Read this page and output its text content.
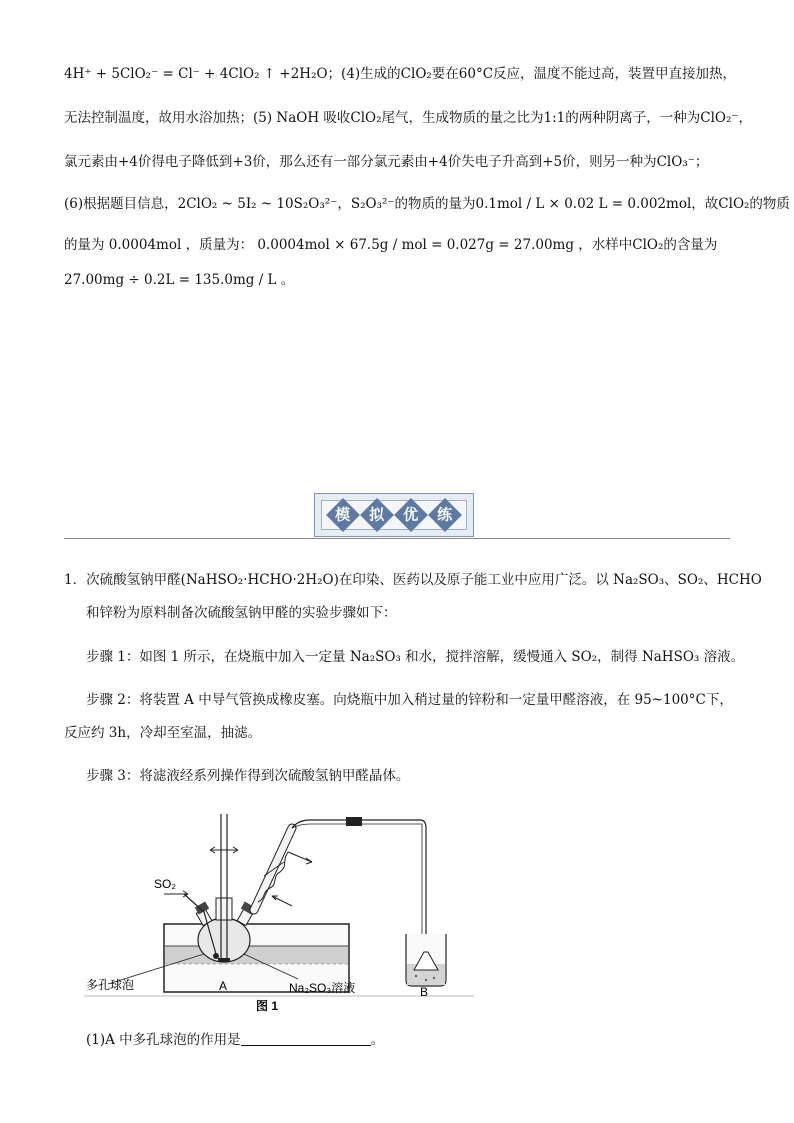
4H⁺ + 5ClO₂⁻ = Cl⁻ + 4ClO₂ ↑ +2H₂O；(4)生成的ClO₂要在60°C反应，温度不能过高，装置甲直接加热，
无法控制温度，故用水浴加热；(5) NaOH 吸收ClO₂尾气，生成物质的量之比为1:1的两种阴离子，一种为ClO₂⁻，
氯元素由+4价得电子降低到+3价，那么还有一部分氯元素由+4价失电子升高到+5价，则另一种为ClO₃⁻；
(6)根据题目信息，2ClO₂ ~ 5I₂ ~ 10S₂O₃²⁻，S₂O₃²⁻的物质的量为0.1mol / L × 0.02 L = 0.002mol，故ClO₂的物质
的量为 0.0004mol ，质量为： 0.0004mol × 67.5g / mol = 0.027g = 27.00mg ，水样中ClO₂的含量为
27.00mg ÷ 0.2L = 135.0mg / L 。
模	拟	优	练
1．次硫酸氢钠甲醛(NaHSO₂·HCHO·2H₂O)在印染、医药以及原子能工业中应用广泛。以 Na₂SO₃、SO₂、HCHO
和锌粉为原料制备次硫酸氢钠甲醛的实验步骤如下：
步骤 1：如图 1 所示，在烧瓶中加入一定量 Na₂SO₃ 和水，搅拌溶解，缓慢通入 SO₂，制得 NaHSO₃ 溶液。
步骤 2：将装置 A 中导气管换成橡皮塞。向烧瓶中加入稍过量的锌粉和一定量甲醛溶液，在 95~100°C下，
反应约 3h，冷却至室温，抽滤。
步骤 3：将滤液经系列操作得到次硫酸氢钠甲醛晶体。
SO₂
多孔球泡	Na₂SO₃溶液
A	B
图 1
(1)A 中多孔球泡的作用是	。
